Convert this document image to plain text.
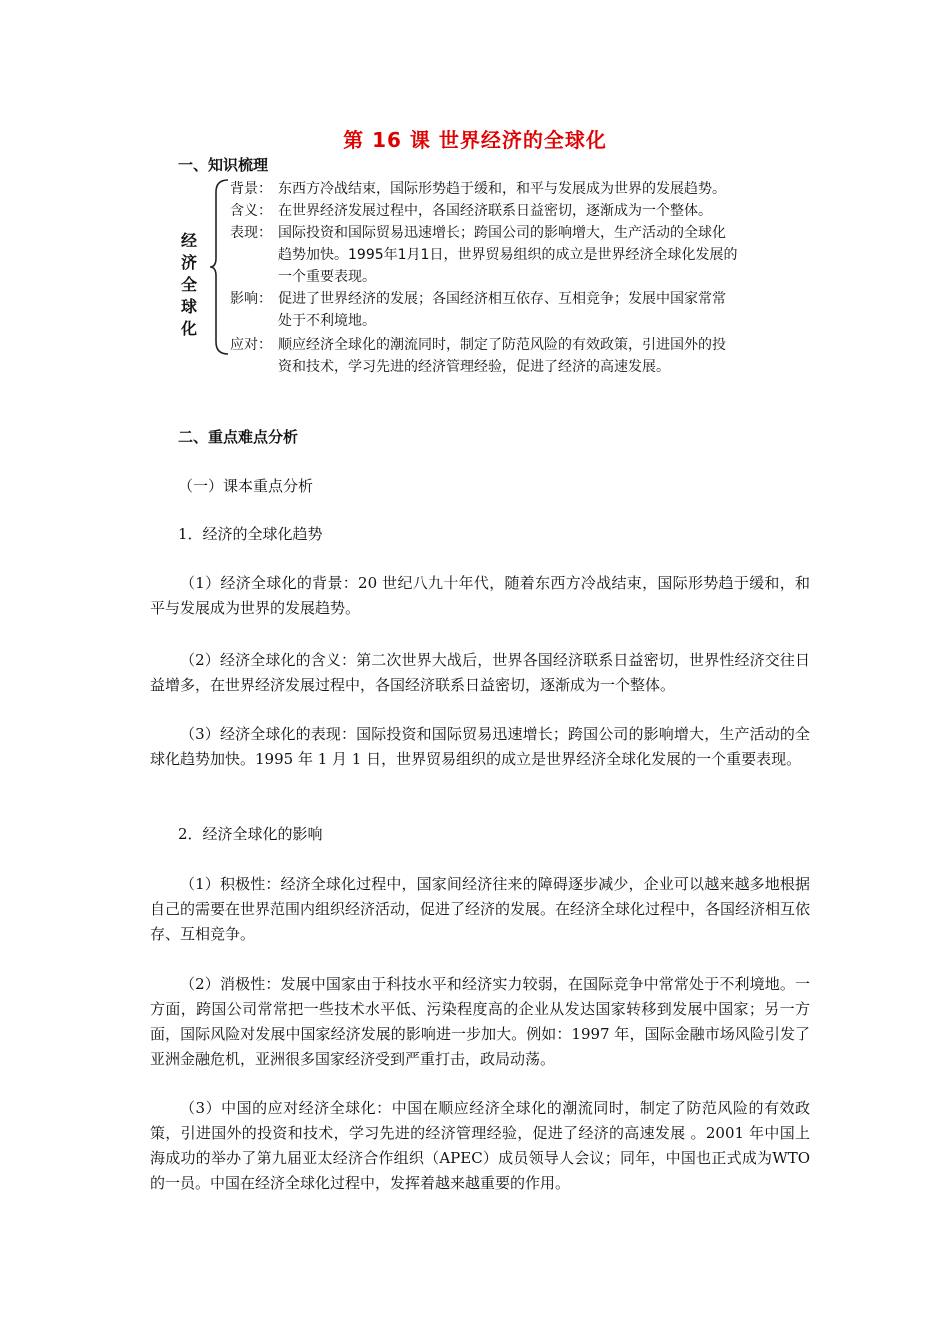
第 16 课 世界经济的全球化
一、知识梳理
经
济
全
球
化
背景： 东西方冷战结束，国际形势趋于缓和，和平与发展成为世界的发展趋势。
含义： 在世界经济发展过程中，各国经济联系日益密切，逐渐成为一个整体。
表现： 国际投资和国际贸易迅速增长；跨国公司的影响增大，生产活动的全球化
趋势加快。1995年1月1日，世界贸易组织的成立是世界经济全球化发展的
一个重要表现。
影响： 促进了世界经济的发展；各国经济相互依存、互相竞争；发展中国家常常
处于不利境地。
应对： 顺应经济全球化的潮流同时，制定了防范风险的有效政策，引进国外的投
资和技术，学习先进的经济管理经验，促进了经济的高速发展。
二、重点难点分析

（一）课本重点分析

1．经济的全球化趋势

（1）经济全球化的背景：20 世纪八九十年代，随着东西方冷战结束，国际形势趋于缓和，和平与发展成为世界的发展趋势。

（2）经济全球化的含义：第二次世界大战后，世界各国经济联系日益密切，世界性经济交往日益增多，在世界经济发展过程中，各国经济联系日益密切，逐渐成为一个整体。

（3）经济全球化的表现：国际投资和国际贸易迅速增长；跨国公司的影响增大，生产活动的全球化趋势加快。1995 年 1 月 1 日，世界贸易组织的成立是世界经济全球化发展的一个重要表现。

2．经济全球化的影响

（1）积极性：经济全球化过程中，国家间经济往来的障碍逐步减少，企业可以越来越多地根据自己的需要在世界范围内组织经济活动，促进了经济的发展。在经济全球化过程中，各国经济相互依存、互相竞争。

（2）消极性：发展中国家由于科技水平和经济实力较弱，在国际竞争中常常处于不利境地。一方面，跨国公司常常把一些技术水平低、污染程度高的企业从发达国家转移到发展中国家；另一方面，国际风险对发展中国家经济发展的影响进一步加大。例如：1997 年，国际金融市场风险引发了亚洲金融危机，亚洲很多国家经济受到严重打击，政局动荡。

（3）中国的应对经济全球化：中国在顺应经济全球化的潮流同时，制定了防范风险的有效政策，引进国外的投资和技术，学习先进的经济管理经验，促进了经济的高速发展 。2001 年中国上海成功的举办了第九届亚太经济合作组织（APEC）成员领导人会议；同年，中国也正式成为WTO的一员。中国在经济全球化过程中，发挥着越来越重要的作用。
